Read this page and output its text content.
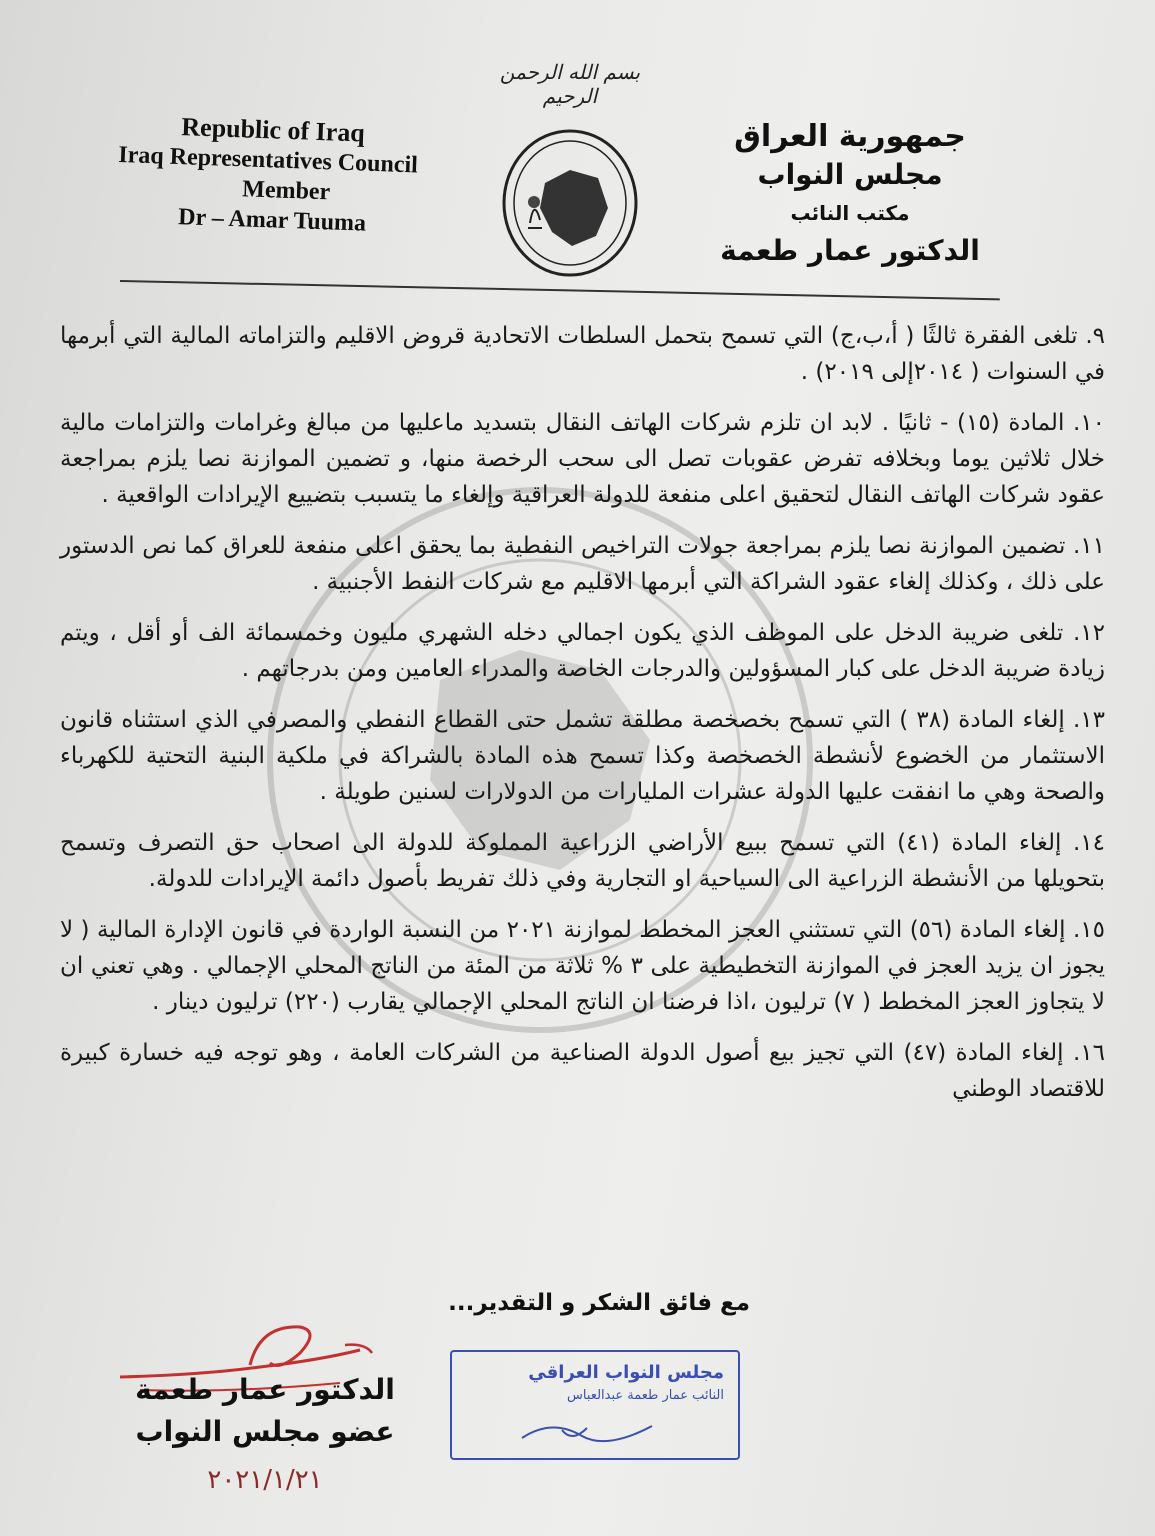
بسم الله الرحمن الرحيم
Republic of Iraq
Iraq Representatives Council
Member
Dr – Amar Tuuma
جمهورية العراق
مجلس النواب
مكتب النائب
الدكتور عمار طعمة

٩. تلغى الفقرة ثالثًا ( أ،ب،ج) التي تسمح بتحمل السلطات الاتحادية قروض الاقليم والتزاماته المالية التي أبرمها في السنوات ( ٢٠١٤إلى ٢٠١٩) .

١٠. المادة (١٥) - ثانيًا . لابد ان تلزم شركات الهاتف النقال بتسديد ماعليها من مبالغ وغرامات والتزامات مالية خلال ثلاثين يوما وبخلافه تفرض عقوبات تصل الى سحب الرخصة منها، و تضمين الموازنة نصا يلزم بمراجعة عقود شركات الهاتف النقال لتحقيق اعلى منفعة للدولة العراقية وإلغاء ما يتسبب بتضييع الإيرادات الواقعية .

١١. تضمين الموازنة نصا يلزم بمراجعة جولات التراخيص النفطية بما يحقق اعلى منفعة للعراق كما نص الدستور على ذلك ، وكذلك إلغاء عقود الشراكة التي أبرمها الاقليم مع شركات النفط الأجنبية .

١٢. تلغى ضريبة الدخل على الموظف الذي يكون اجمالي دخله الشهري مليون وخمسمائة الف أو أقل ، ويتم زيادة ضريبة الدخل على كبار المسؤولين والدرجات الخاصة والمدراء العامين ومن بدرجاتهم .

١٣. إلغاء المادة (٣٨ ) التي تسمح بخصخصة مطلقة تشمل حتى القطاع النفطي والمصرفي الذي استثناه قانون الاستثمار من الخضوع لأنشطة الخصخصة وكذا تسمح هذه المادة بالشراكة في ملكية البنية التحتية للكهرباء والصحة وهي ما انفقت عليها الدولة عشرات المليارات من الدولارات لسنين طويلة .

١٤. إلغاء المادة (٤١) التي تسمح ببيع الأراضي الزراعية المملوكة للدولة الى اصحاب حق التصرف وتسمح بتحويلها من الأنشطة الزراعية الى السياحية او التجارية وفي ذلك تفريط بأصول دائمة الإيرادات للدولة.

١٥. إلغاء المادة (٥٦) التي تستثني العجز المخطط لموازنة ٢٠٢١ من النسبة الواردة في قانون الإدارة المالية ( لا يجوز ان يزيد العجز في الموازنة التخطيطية على ٣ % ثلاثة من المئة من الناتج المحلي الإجمالي . وهي تعني ان لا يتجاوز العجز المخطط ( ٧) ترليون ،اذا فرضنا ان الناتج المحلي الإجمالي يقارب (٢٢٠) ترليون دينار .

١٦. إلغاء المادة (٤٧) التي تجيز بيع أصول الدولة الصناعية من الشركات العامة ، وهو توجه فيه خسارة كبيرة للاقتصاد الوطني

مع فائق الشكر و التقدير...
مجلس النواب العراقي
النائب عمار طعمة عبدالعباس
الدكتور عمار طعمة
عضو مجلس النواب
٢٠٢١/١/٢١
